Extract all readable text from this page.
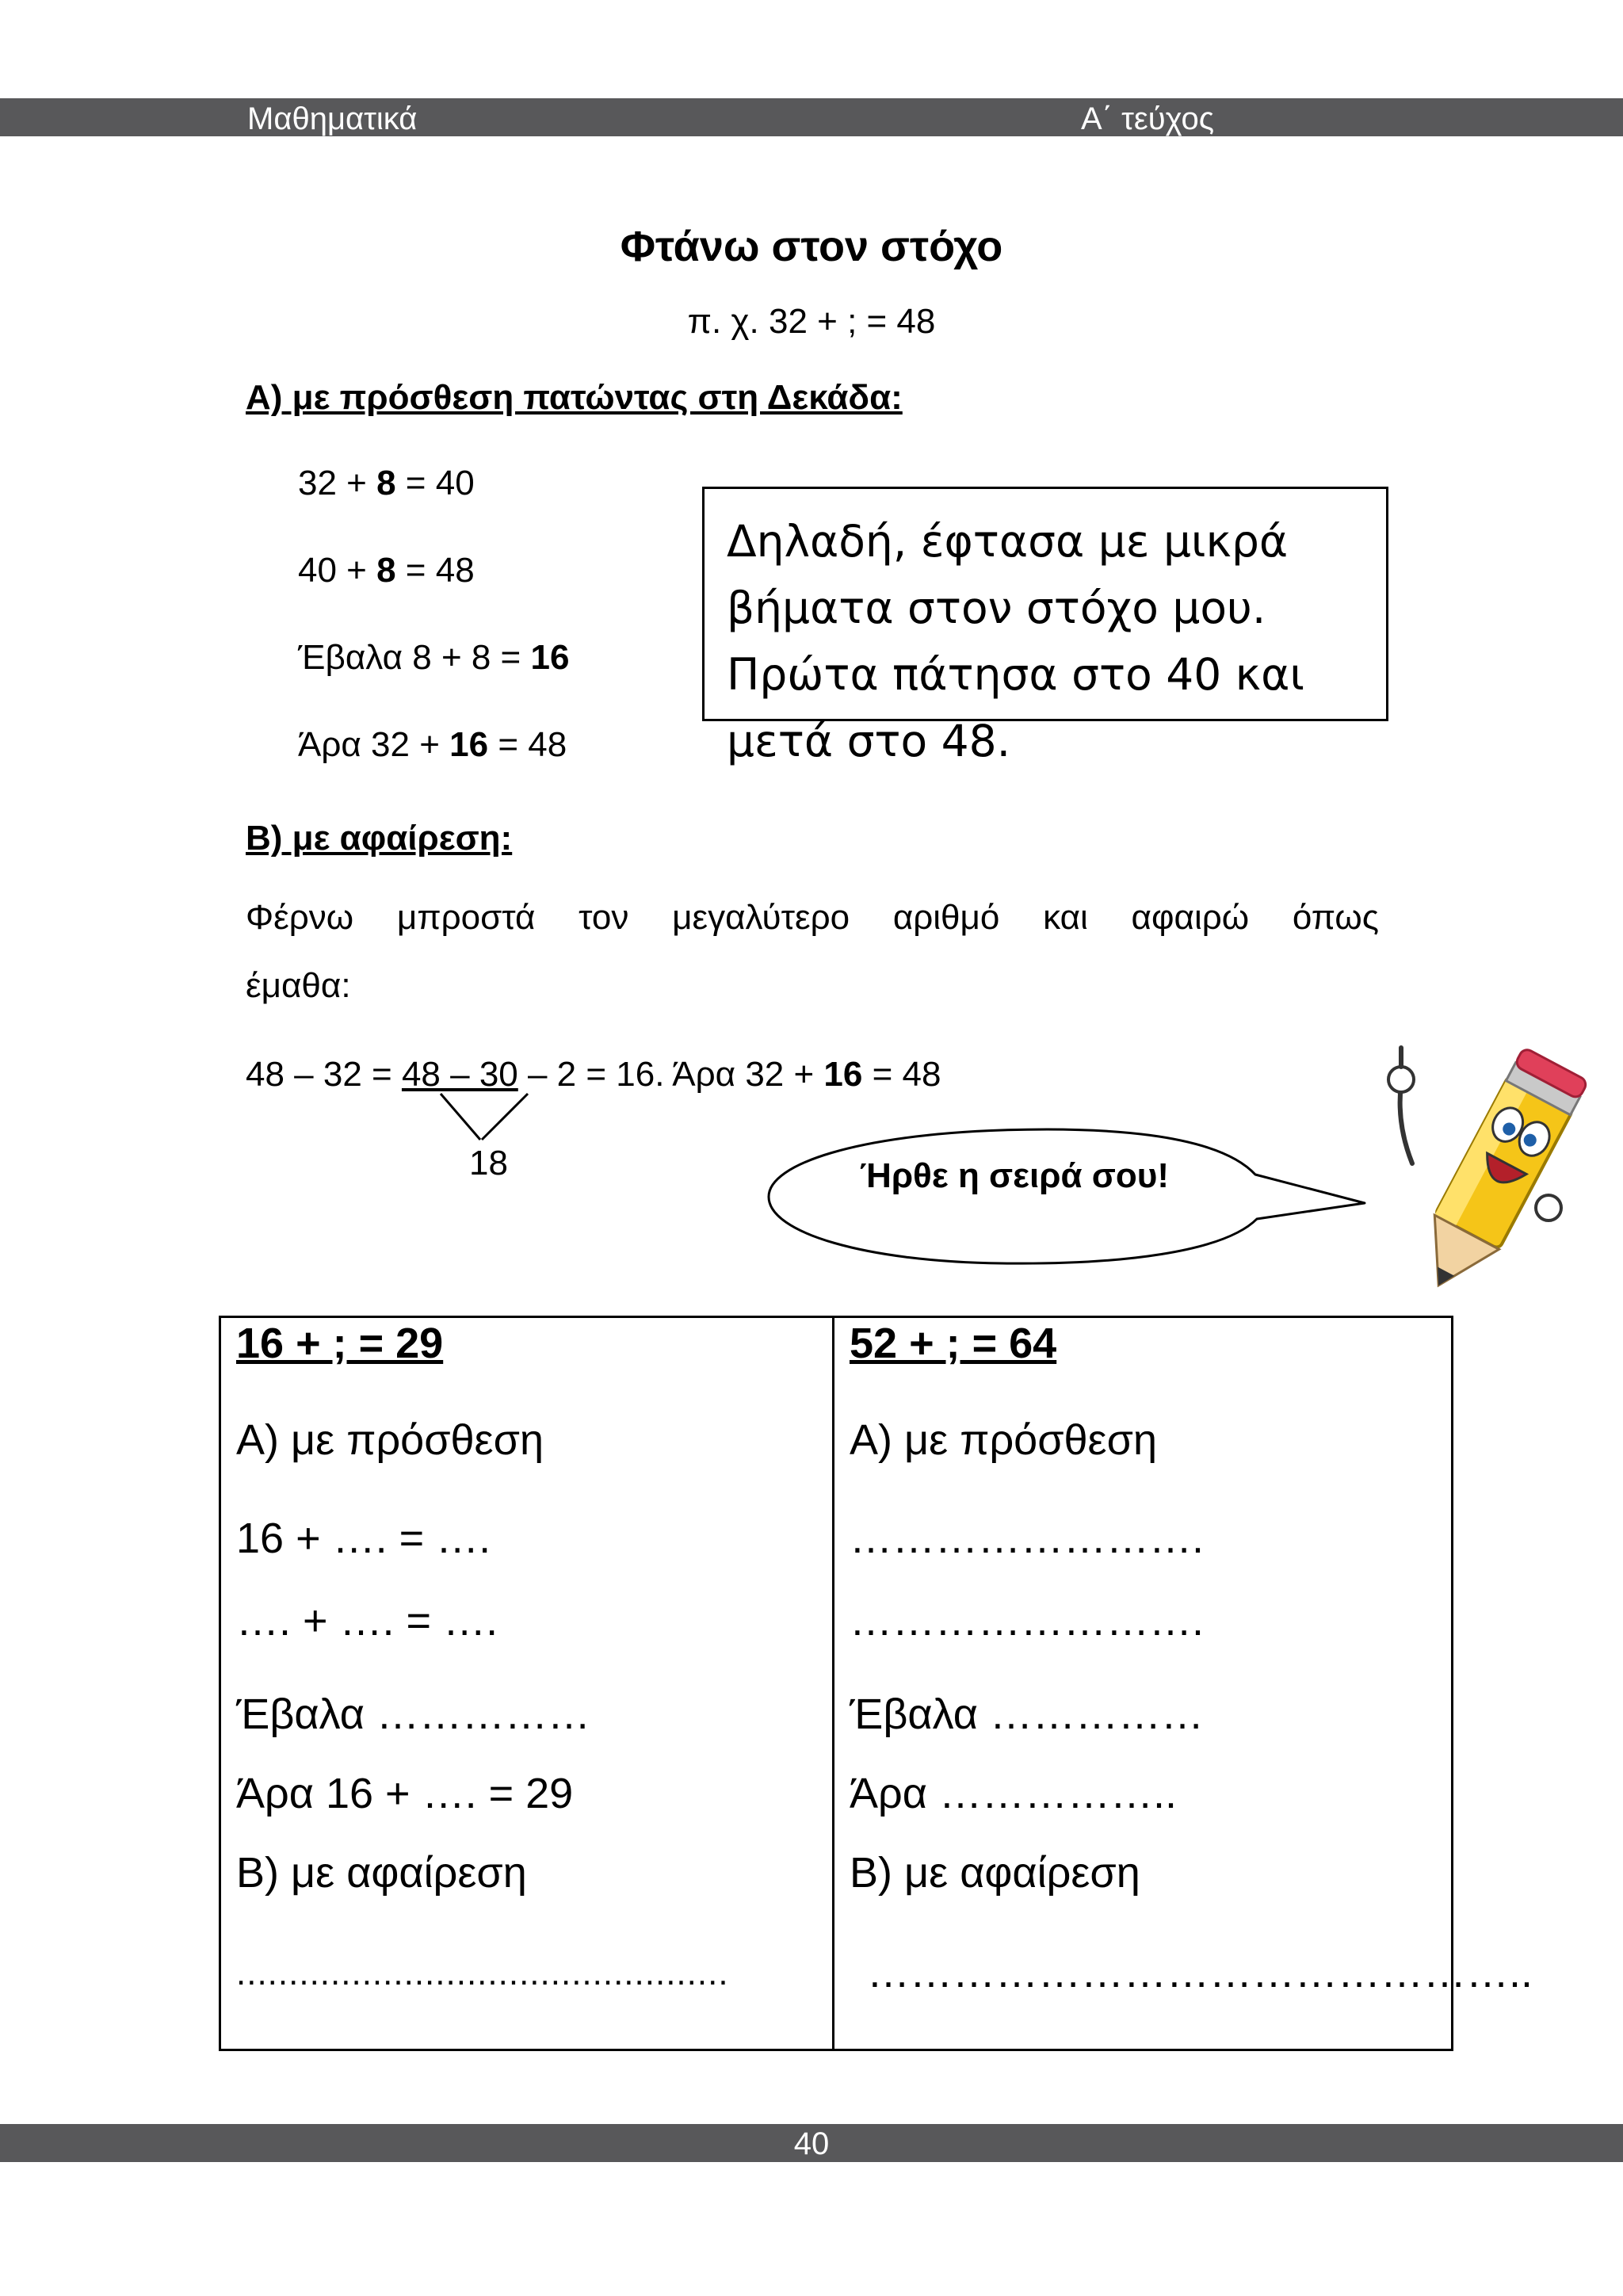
Μαθηματικά	Α΄ τεύχος
Φτάνω στον στόχο
π. χ. 32 + ; = 48
Α) με πρόσθεση πατώντας στη Δεκάδα:
32 + 8 = 40
40 + 8 = 48
Έβαλα 8 + 8 = 16
Άρα 32 + 16 = 48
Δηλαδή, έφτασα με μικρά βήματα στον στόχο μου. Πρώτα πάτησα στο 40 και μετά στο 48.
Β) με αφαίρεση:
Φέρνω μπροστά τον μεγαλύτερο αριθμό και αφαιρώ όπως
έμαθα:
48 – 32 = 48 – 30 – 2 = 16. Άρα 32 + 16 = 48
18	Ήρθε η σειρά σου!
16 + ; = 29
Α) με πρόσθεση
16 + …. = ….
…. + …. = ….
Έβαλα ……………
Άρα 16 + …. = 29
Β) με αφαίρεση
...............................................
52 + ; = 64
Α) με πρόσθεση
…………………….
…………………….
Έβαλα ……………
Άρα ……………..
Β) με αφαίρεση
………………………………………..
40
